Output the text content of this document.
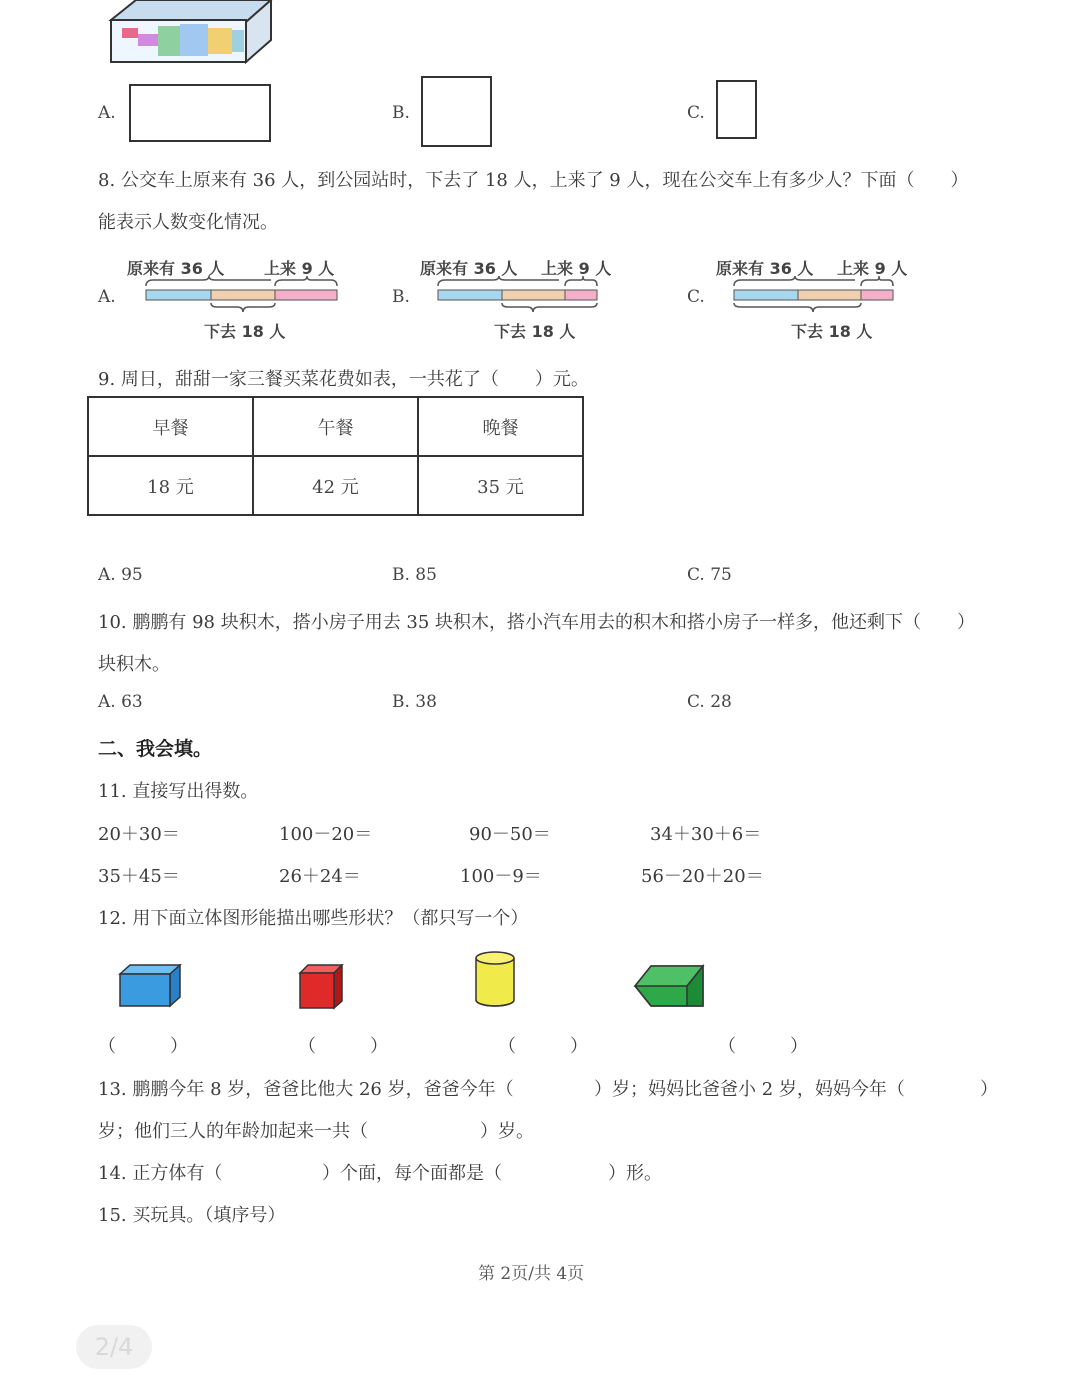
A.	B.	C.
8. 公交车上原来有 36 人，到公园站时，下去了 18 人，上来了 9 人，现在公交车上有多少人？下面（　　）
能表示人数变化情况。
A.
原来有 36 人 上来 9 人
下去 18 人
B.
原来有 36 人 上来 9 人
下去 18 人
C.
原来有 36 人 上来 9 人
下去 18 人
9. 周日，甜甜一家三餐买菜花费如表，一共花了（　　）元。
早餐	午餐	晚餐
18 元	42 元	35 元
A. 95	B. 85	C. 75
10. 鹏鹏有 98 块积木，搭小房子用去 35 块积木，搭小汽车用去的积木和搭小房子一样多，他还剩下（　　）
块积木。
A. 63	B. 38	C. 28
二、我会填。
11. 直接写出得数。
20＋30＝	100－20＝	90－50＝	34＋30＋6＝
35＋45＝	26＋24＝	100－9＝	56－20＋20＝
12. 用下面立体图形能描出哪些形状？（都只写一个）
（　　　）	（　　　）	（　　　）	（　　　）
13. 鹏鹏今年 8 岁，爸爸比他大 26 岁，爸爸今年（	）岁；妈妈比爸爸小 2 岁，妈妈今年（	）
岁；他们三人的年龄加起来一共（	）岁。
14. 正方体有（	）个面，每个面都是（	）形。
15. 买玩具。（填序号）
第 2页/共 4页
2/4
